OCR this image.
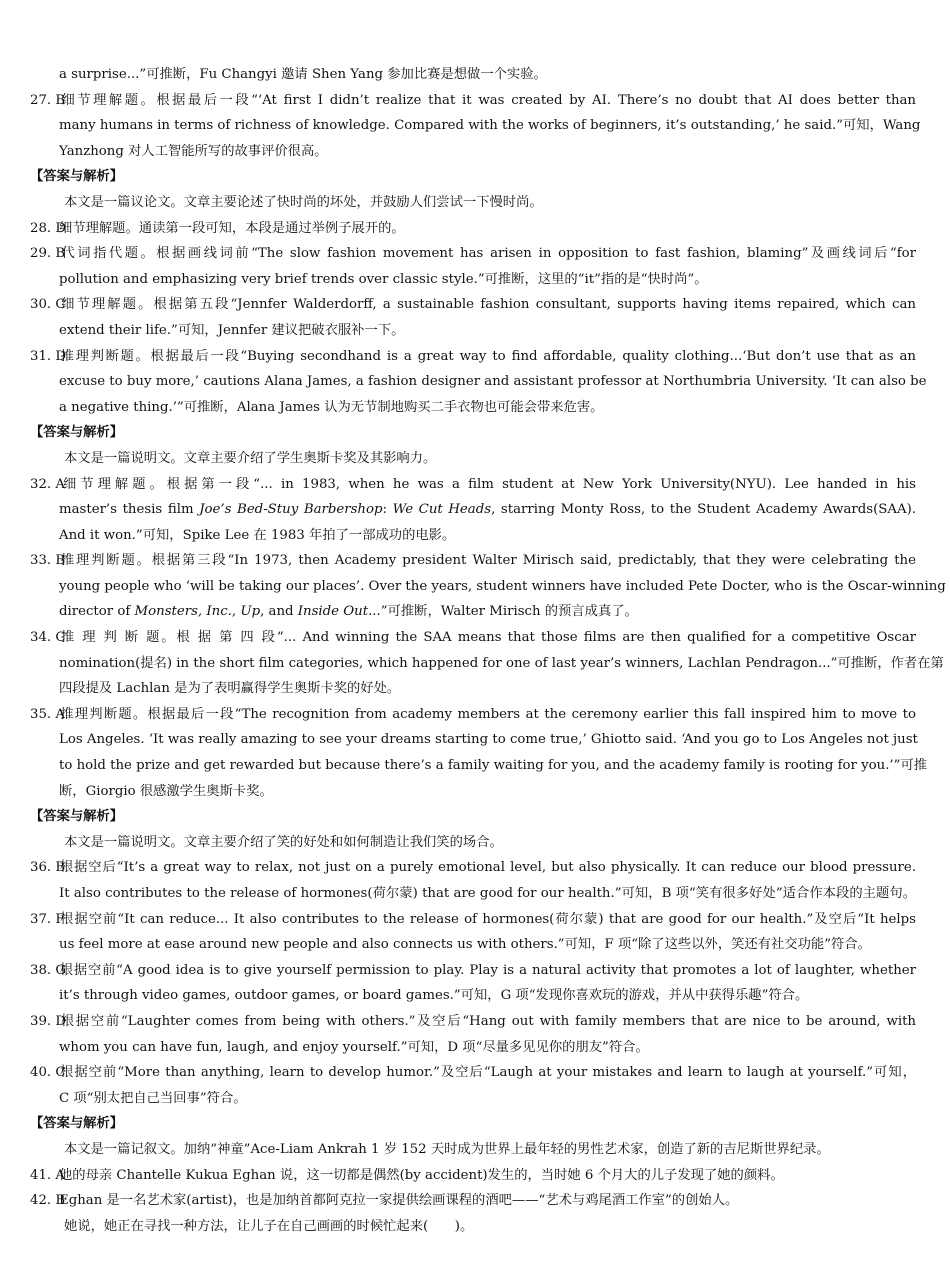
a surprise...”可推断，Fu Changyi 邀请 Shen Yang 参加比赛是想做一个实验。
27. B细节理解题。根据最后一段“‘At first I didn’t realize that it was created by AI. There’s no doubt that AI does better than
many humans in terms of richness of knowledge. Compared with the works of beginners, it’s outstanding,’ he said.”可知，Wang
Yanzhong 对人工智能所写的故事评价很高。
【答案与解析】
本文是一篇议论文。文章主要论述了快时尚的坏处，并鼓励人们尝试一下慢时尚。
28. D细节理解题。通读第一段可知，本段是通过举例子展开的。
29. B代词指代题。根据画线词前“The slow fashion movement has arisen in opposition to fast fashion, blaming”及画线词后“for
pollution and emphasizing very brief trends over classic style.”可推断，这里的“it”指的是“快时尚”。
30. C细节理解题。根据第五段“Jennfer Walderdorff, a sustainable fashion consultant, supports having items repaired, which can
extend their life.”可知，Jennfer 建议把破衣服补一下。
31. D推理判断题。根据最后一段“Buying secondhand is a great way to find affordable, quality clothing...‘But don’t use that as an
excuse to buy more,’ cautions Alana James, a fashion designer and assistant professor at Northumbria University. ‘It can also be
a negative thing.’”可推断，Alana James 认为无节制地购买二手衣物也可能会带来危害。
【答案与解析】
本文是一篇说明文。文章主要介绍了学生奥斯卡奖及其影响力。
32. A细节理解题。根据第一段“... in 1983, when he was a film student at New York University(NYU). Lee handed in his
master’s thesis film Joe’s Bed-Stuy Barbershop: We Cut Heads, starring Monty Ross, to the Student Academy Awards(SAA).
And it won.”可知，Spike Lee 在 1983 年拍了一部成功的电影。
33. B推理判断题。根据第三段“In 1973, then Academy president Walter Mirisch said, predictably, that they were celebrating the
young people who ‘will be taking our places’. Over the years, student winners have included Pete Docter, who is the Oscar-winning
director of Monsters, Inc., Up, and Inside Out...”可推断，Walter Mirisch 的预言成真了。
34. C推 理 判 断 题。根 据 第 四 段“... And winning the SAA means that those films are then qualified for a competitive Oscar
nomination(提名) in the short film categories, which happened for one of last year’s winners, Lachlan Pendragon...”可推断，作者在第
四段提及 Lachlan 是为了表明赢得学生奥斯卡奖的好处。
35. A推理判断题。根据最后一段“The recognition from academy members at the ceremony earlier this fall inspired him to move to
Los Angeles. ‘It was really amazing to see your dreams starting to come true,’ Ghiotto said. ‘And you go to Los Angeles not just
to hold the prize and get rewarded but because there’s a family waiting for you, and the academy family is rooting for you.’”可推
断，Giorgio 很感激学生奥斯卡奖。
【答案与解析】
本文是一篇说明文。文章主要介绍了笑的好处和如何制造让我们笑的场合。
36. B根据空后“It’s a great way to relax, not just on a purely emotional level, but also physically. It can reduce our blood pressure.
It also contributes to the release of hormones(荷尔蒙) that are good for our health.”可知，B 项“笑有很多好处”适合作本段的主题句。
37. F根据空前“It can reduce... It also contributes to the release of hormones(荷尔蒙) that are good for our health.”及空后“It helps
us feel more at ease around new people and also connects us with others.”可知，F 项“除了这些以外，笑还有社交功能”符合。
38. G根据空前“A good idea is to give yourself permission to play. Play is a natural activity that promotes a lot of laughter, whether
it’s through video games, outdoor games, or board games.”可知，G 项“发现你喜欢玩的游戏，并从中获得乐趣”符合。
39. D根据空前“Laughter comes from being with others.”及空后“Hang out with family members that are nice to be around, with
whom you can have fun, laugh, and enjoy yourself.”可知，D 项“尽量多见见你的朋友”符合。
40. C根据空前“More than anything, learn to develop humor.”及空后“Laugh at your mistakes and learn to laugh at yourself.”可知，
C 项“别太把自己当回事”符合。
【答案与解析】
本文是一篇记叙文。加纳“神童”Ace-Liam Ankrah 1 岁 152 天时成为世界上最年轻的男性艺术家，创造了新的吉尼斯世界纪录。
41. A他的母亲 Chantelle Kukua Eghan 说，这一切都是偶然(by accident)发生的，当时她 6 个月大的儿子发现了她的颜料。
42. BEghan 是一名艺术家(artist)，也是加纳首都阿克拉一家提供绘画课程的酒吧——“艺术与鸡尾酒工作室”的创始人。
她说，她正在寻找一种方法，让儿子在自己画画的时候忙起来(　　)。
